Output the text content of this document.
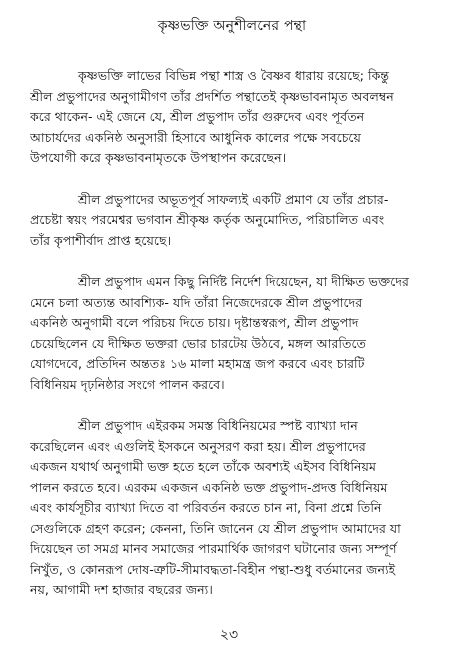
কৃষ্ণভক্তি অনুশীলনের পন্থা
কৃষ্ণভক্তি লাভের বিভিন্ন পন্থা শাস্ত্র ও বৈষ্ণব ধারায় রয়েছে; কিন্তু
শ্রীল প্রভুপাদের অনুগামীগণ তাঁর প্রদর্শিত পন্থাতেই কৃষ্ণভাবনামৃত অবলম্বন
করে থাকেন- এই জেনে যে, শ্রীল প্রভুপাদ তাঁর গুরুদেব এবং পূর্বতন
আচার্যদের একনিষ্ঠ অনুসারী হিসাবে আধুনিক কালের পক্ষে সবচেয়ে
উপযোগী করে কৃষ্ণভাবনামৃতকে উপস্থাপন করেছেন।
শ্রীল প্রভুপাদের অভূতপূর্ব সাফল্যই একটি প্রমাণ যে তাঁর প্রচার-
প্রচেষ্টা স্বয়ং পরমেশ্বর ভগবান শ্রীকৃষ্ণ কর্তৃক অনুমোদিত, পরিচালিত এবং
তাঁর কৃপাশীর্বাদ প্রাপ্ত হয়েছে।
শ্রীল প্রভুপাদ এমন কিছু নির্দিষ্ট নির্দেশ দিয়েছেন, যা দীক্ষিত ভক্তদের
মেনে চলা অত্যন্ত আবশ্যিক- যদি তাঁরা নিজেদেরকে শ্রীল প্রভুপাদের
একনিষ্ঠ অনুগামী বলে পরিচয় দিতে চায়। দৃষ্টান্তস্বরূপ, শ্রীল প্রভুপাদ
চেয়েছিলেন যে দীক্ষিত ভক্তরা ভোর চারটেয় উঠবে, মঙ্গল আরতিতে
যোগদেবে, প্রতিদিন অন্ততঃ ১৬ মালা মহামন্ত্র জপ করবে এবং চারটি
বিধিনিয়ম দৃঢ়নিষ্ঠার সংগে পালন করবে।
শ্রীল প্রভুপাদ এইরকম সমস্ত বিধিনিয়মের স্পষ্ট ব্যাখ্যা দান
করেছিলেন এবং এগুলিই ইসকনে অনুসরণ করা হয়। শ্রীল প্রভুপাদের
একজন যথার্থ অনুগামী ভক্ত হতে হলে তাঁকে অবশ্যই এইসব বিধিনিয়ম
পালন করতে হবে। এরকম একজন একনিষ্ঠ ভক্ত প্রভুপাদ-প্রদত্ত বিধিনিয়ম
এবং কার্যসূচীর ব্যাখ্যা দিতে বা পরিবর্তন করতে চান না, বিনা প্রশ্নে তিনি
সেগুলিকে গ্রহণ করেন; কেননা, তিনি জানেন যে শ্রীল প্রভুপাদ আমাদের যা
দিয়েছেন তা সমগ্র মানব সমাজের পারমার্থিক জাগরণ ঘটানোর জন্য সম্পূর্ণ
নিখুঁত, ও কোনরূপ দোষ-ত্রুটি-সীমাবদ্ধতা-বিহীন পন্থা-শুধু বর্তমানের জন্যই
নয়, আগামী দশ হাজার বছরের জন্য।
২৩
